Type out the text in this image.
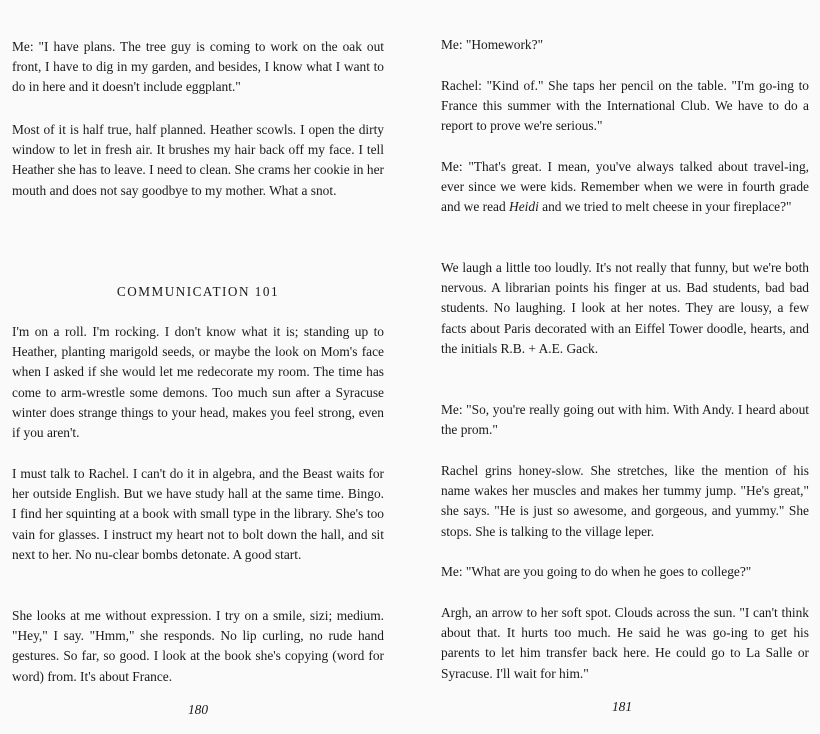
Me: "I have plans. The tree guy is coming to work on the oak out front, I have to dig in my garden, and besides, I know what I want to do in here and it doesn't include eggplant."

Most of it is half true, half planned. Heather scowls. I open the dirty window to let in fresh air. It brushes my hair back off my face. I tell Heather she has to leave. I need to clean. She crams her cookie in her mouth and does not say goodbye to my mother. What a snot.

COMMUNICATION 101

I'm on a roll. I'm rocking. I don't know what it is; standing up to Heather, planting marigold seeds, or maybe the look on Mom's face when I asked if she would let me redecorate my room. The time has come to arm-wrestle some demons. Too much sun after a Syracuse winter does strange things to your head, makes you feel strong, even if you aren't.

I must talk to Rachel. I can't do it in algebra, and the Beast waits for her outside English. But we have study hall at the same time. Bingo. I find her squinting at a book with small type in the library. She's too vain for glasses. I instruct my heart not to bolt down the hall, and sit next to her. No nu-clear bombs detonate. A good start.

She looks at me without expression. I try on a smile, sizi; medium. "Hey," I say. "Hmm," she responds. No lip curling, no rude hand gestures. So far, so good. I look at the book she's copying (word for word) from. It's about France.

180

Me: "Homework?"

Rachel: "Kind of." She taps her pencil on the table. "I'm go-ing to France this summer with the International Club. We have to do a report to prove we're serious."

Me: "That's great. I mean, you've always talked about travel-ing, ever since we were kids. Remember when we were in fourth grade and we read Heidi and we tried to melt cheese in your fireplace?"

We laugh a little too loudly. It's not really that funny, but we're both nervous. A librarian points his finger at us. Bad students, bad bad students. No laughing. I look at her notes. They are lousy, a few facts about Paris decorated with an Eiffel Tower doodle, hearts, and the initials R.B. + A.E. Gack.

Me: "So, you're really going out with him. With Andy. I heard about the prom."

Rachel grins honey-slow. She stretches, like the mention of his name wakes her muscles and makes her tummy jump. "He's great," she says. "He is just so awesome, and gorgeous, and yummy." She stops. She is talking to the village leper.

Me: "What are you going to do when he goes to college?"

Argh, an arrow to her soft spot. Clouds across the sun. "I can't think about that. It hurts too much. He said he was go-ing to get his parents to let him transfer back here. He could go to La Salle or Syracuse. I'll wait for him."

181
